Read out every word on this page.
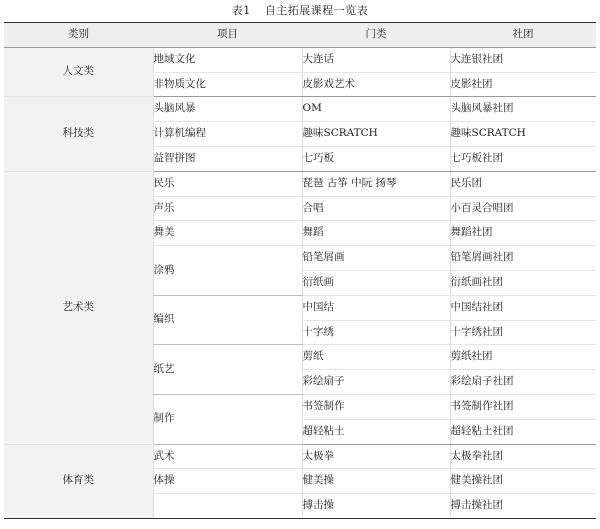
表1 自主拓展课程一览表
类别	项目	门类	社团
人文类	地域文化	大连话	大连银社团
	非物质文化	皮影戏艺术	皮影社团
科技类	头脑风暴	OM	头脑风暴社团
	计算机编程	趣味SCRATCH	趣味SCRATCH
	益智拼图	七巧板	七巧板社团
艺术类	民乐	琵琶 古筝 中阮 扬琴	民乐团
	声乐	合唱	小百灵合唱团
	舞美	舞蹈	舞蹈社团
	涂鸦	铅笔屑画	铅笔屑画社团
		衍纸画	衍纸画社团
	编织	中国结	中国结社团
		十字绣	十字绣社团
	纸艺	剪纸	剪纸社团
		彩绘扇子	彩绘扇子社团
	制作	书签制作	书签制作社团
		超轻粘土	超轻粘土社团
体育类	武术	太极拳	太极拳社团
	体操	健美操	健美操社团
		搏击操	搏击操社团
